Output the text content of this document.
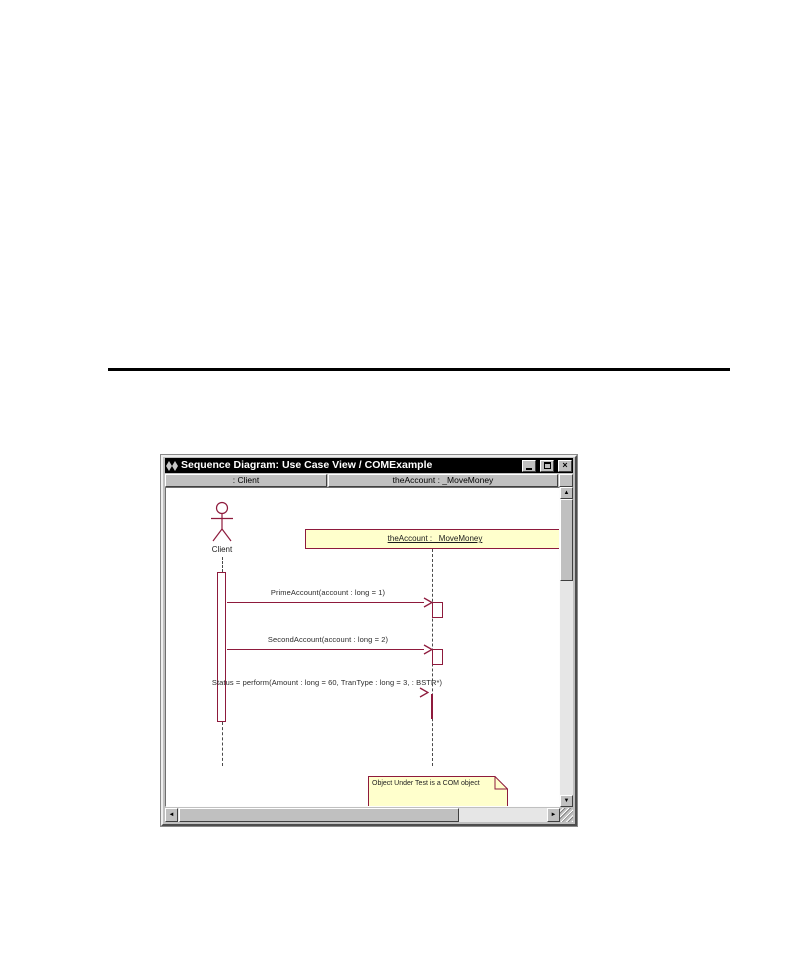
Sequence Diagram: Use Case View / COMExample	×
: Client	theAccount : _MoveMoney
Client
theAccount : _MoveMoney
PrimeAccount(account : long = 1)
SecondAccount(account : long = 2)
Status = perform(Amount : long = 60, TranType : long = 3, : BSTR*)
Object Under Test is a COM object
▲
▼
◄	►
